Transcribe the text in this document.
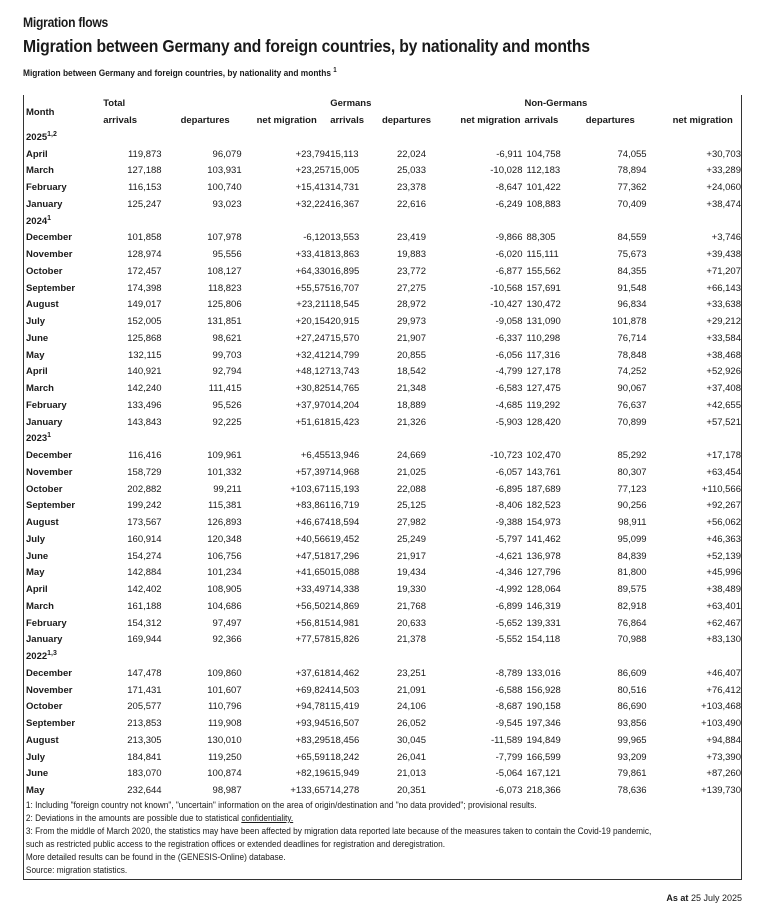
Migration flows
Migration between Germany and foreign countries, by nationality and months
Migration between Germany and foreign countries, by nationality and months $^1$
Month	Total			Germans			Non-Germans		
	arrivals	departures	net migration	arrivals	departures	net migration	arrivals	departures	net migration
2025$^{1,2}$
April	119,873	96,079	+23,794	15,113	22,024	-6,911	104,758	74,055	+30,703
March	127,188	103,931	+23,257	15,005	25,033	-10,028	112,183	78,894	+33,289
February	116,153	100,740	+15,413	14,731	23,378	-8,647	101,422	77,362	+24,060
January	125,247	93,023	+32,224	16,367	22,616	-6,249	108,883	70,409	+38,474
2024$^1$
December	101,858	107,978	-6,120	13,553	23,419	-9,866	88,305	84,559	+3,746
November	128,974	95,556	+33,418	13,863	19,883	-6,020	115,111	75,673	+39,438
October	172,457	108,127	+64,330	16,895	23,772	-6,877	155,562	84,355	+71,207
September	174,398	118,823	+55,575	16,707	27,275	-10,568	157,691	91,548	+66,143
August	149,017	125,806	+23,211	18,545	28,972	-10,427	130,472	96,834	+33,638
July	152,005	131,851	+20,154	20,915	29,973	-9,058	131,090	101,878	+29,212
June	125,868	98,621	+27,247	15,570	21,907	-6,337	110,298	76,714	+33,584
May	132,115	99,703	+32,412	14,799	20,855	-6,056	117,316	78,848	+38,468
April	140,921	92,794	+48,127	13,743	18,542	-4,799	127,178	74,252	+52,926
March	142,240	111,415	+30,825	14,765	21,348	-6,583	127,475	90,067	+37,408
February	133,496	95,526	+37,970	14,204	18,889	-4,685	119,292	76,637	+42,655
January	143,843	92,225	+51,618	15,423	21,326	-5,903	128,420	70,899	+57,521
2023$^1$
December	116,416	109,961	+6,455	13,946	24,669	-10,723	102,470	85,292	+17,178
November	158,729	101,332	+57,397	14,968	21,025	-6,057	143,761	80,307	+63,454
October	202,882	99,211	+103,671	15,193	22,088	-6,895	187,689	77,123	+110,566
September	199,242	115,381	+83,861	16,719	25,125	-8,406	182,523	90,256	+92,267
August	173,567	126,893	+46,674	18,594	27,982	-9,388	154,973	98,911	+56,062
July	160,914	120,348	+40,566	19,452	25,249	-5,797	141,462	95,099	+46,363
June	154,274	106,756	+47,518	17,296	21,917	-4,621	136,978	84,839	+52,139
May	142,884	101,234	+41,650	15,088	19,434	-4,346	127,796	81,800	+45,996
April	142,402	108,905	+33,497	14,338	19,330	-4,992	128,064	89,575	+38,489
March	161,188	104,686	+56,502	14,869	21,768	-6,899	146,319	82,918	+63,401
February	154,312	97,497	+56,815	14,981	20,633	-5,652	139,331	76,864	+62,467
January	169,944	92,366	+77,578	15,826	21,378	-5,552	154,118	70,988	+83,130
2022$^{1,3}$
December	147,478	109,860	+37,618	14,462	23,251	-8,789	133,016	86,609	+46,407
November	171,431	101,607	+69,824	14,503	21,091	-6,588	156,928	80,516	+76,412
October	205,577	110,796	+94,781	15,419	24,106	-8,687	190,158	86,690	+103,468
September	213,853	119,908	+93,945	16,507	26,052	-9,545	197,346	93,856	+103,490
August	213,305	130,010	+83,295	18,456	30,045	-11,589	194,849	99,965	+94,884
July	184,841	119,250	+65,591	18,242	26,041	-7,799	166,599	93,209	+73,390
June	183,070	100,874	+82,196	15,949	21,013	-5,064	167,121	79,861	+87,260
May	232,644	98,987	+133,657	14,278	20,351	-6,073	218,366	78,636	+139,730
1: Including "foreign country not known", "uncertain" information on the area of origin/destination and "no data provided"; provisional results.
2: Deviations in the amounts are possible due to statistical confidentiality.
3: From the middle of March 2020, the statistics may have been affected by migration data reported late because of the measures taken to contain the Covid-19 pandemic,
such as restricted public access to the registration offices or extended deadlines for registration and deregistration.
More detailed results can be found in the (GENESIS-Online) database.
Source: migration statistics.
As at 25 July 2025
